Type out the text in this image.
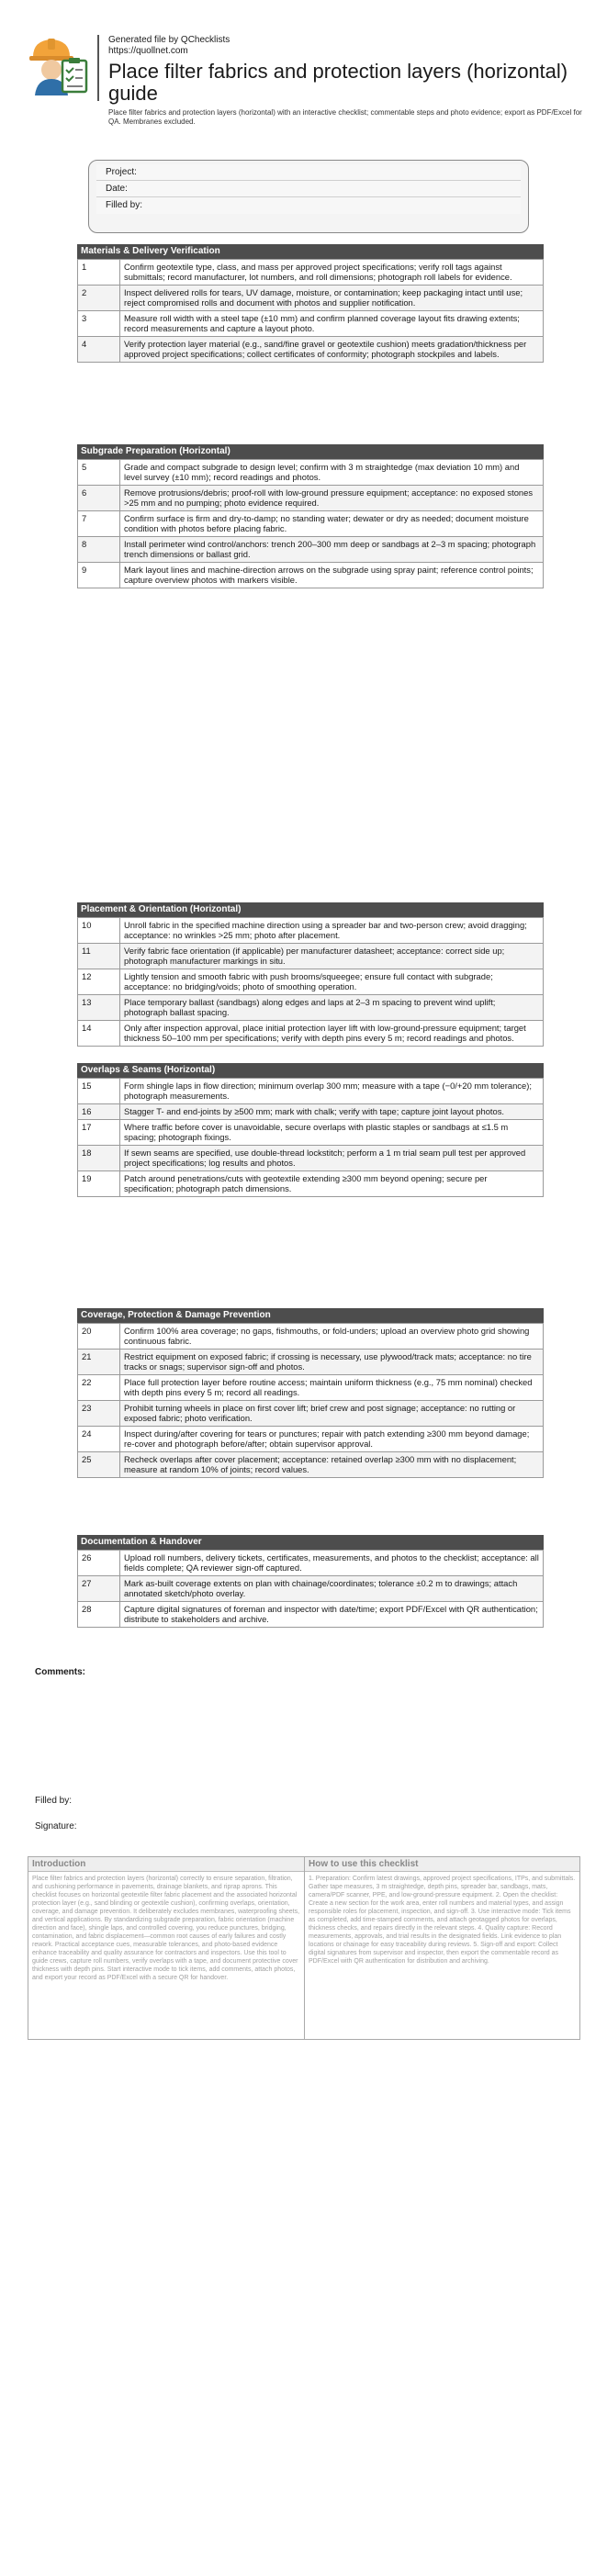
Generated file by QChecklists
https://quollnet.com
Place filter fabrics and protection layers (horizontal) guide
Place filter fabrics and protection layers (horizontal) with an interactive checklist; commentable steps and photo evidence; export as PDF/Excel for QA. Membranes excluded.
Project:
Date:
Filled by:
Materials & Delivery Verification
1	Confirm geotextile type, class, and mass per approved project specifications; verify roll tags against submittals; record manufacturer, lot numbers, and roll dimensions; photograph roll labels for evidence.
2	Inspect delivered rolls for tears, UV damage, moisture, or contamination; keep packaging intact until use; reject compromised rolls and document with photos and supplier notification.
3	Measure roll width with a steel tape (±10 mm) and confirm planned coverage layout fits drawing extents; record measurements and capture a layout photo.
4	Verify protection layer material (e.g., sand/fine gravel or geotextile cushion) meets gradation/thickness per approved project specifications; collect certificates of conformity; photograph stockpiles and labels.
Subgrade Preparation (Horizontal)
5	Grade and compact subgrade to design level; confirm with 3 m straightedge (max deviation 10 mm) and level survey (±10 mm); record readings and photos.
6	Remove protrusions/debris; proof-roll with low-ground pressure equipment; acceptance: no exposed stones >25 mm and no pumping; photo evidence required.
7	Confirm surface is firm and dry-to-damp; no standing water; dewater or dry as needed; document moisture condition with photos before placing fabric.
8	Install perimeter wind control/anchors: trench 200–300 mm deep or sandbags at 2–3 m spacing; photograph trench dimensions or ballast grid.
9	Mark layout lines and machine-direction arrows on the subgrade using spray paint; reference control points; capture overview photos with markers visible.
Placement & Orientation (Horizontal)
10	Unroll fabric in the specified machine direction using a spreader bar and two-person crew; avoid dragging; acceptance: no wrinkles >25 mm; photo after placement.
11	Verify fabric face orientation (if applicable) per manufacturer datasheet; acceptance: correct side up; photograph manufacturer markings in situ.
12	Lightly tension and smooth fabric with push brooms/squeegee; ensure full contact with subgrade; acceptance: no bridging/voids; photo of smoothing operation.
13	Place temporary ballast (sandbags) along edges and laps at 2–3 m spacing to prevent wind uplift; photograph ballast spacing.
14	Only after inspection approval, place initial protection layer lift with low-ground-pressure equipment; target thickness 50–100 mm per specifications; verify with depth pins every 5 m; record readings and photos.
Overlaps & Seams (Horizontal)
15	Form shingle laps in flow direction; minimum overlap 300 mm; measure with a tape (−0/+20 mm tolerance); photograph measurements.
16	Stagger T- and end-joints by ≥500 mm; mark with chalk; verify with tape; capture joint layout photos.
17	Where traffic before cover is unavoidable, secure overlaps with plastic staples or sandbags at ≤1.5 m spacing; photograph fixings.
18	If sewn seams are specified, use double-thread lockstitch; perform a 1 m trial seam pull test per approved project specifications; log results and photos.
19	Patch around penetrations/cuts with geotextile extending ≥300 mm beyond opening; secure per specification; photograph patch dimensions.
Coverage, Protection & Damage Prevention
20	Confirm 100% area coverage; no gaps, fishmouths, or fold-unders; upload an overview photo grid showing continuous fabric.
21	Restrict equipment on exposed fabric; if crossing is necessary, use plywood/track mats; acceptance: no tire tracks or snags; supervisor sign-off and photos.
22	Place full protection layer before routine access; maintain uniform thickness (e.g., 75 mm nominal) checked with depth pins every 5 m; record all readings.
23	Prohibit turning wheels in place on first cover lift; brief crew and post signage; acceptance: no rutting or exposed fabric; photo verification.
24	Inspect during/after covering for tears or punctures; repair with patch extending ≥300 mm beyond damage; re-cover and photograph before/after; obtain supervisor approval.
25	Recheck overlaps after cover placement; acceptance: retained overlap ≥300 mm with no displacement; measure at random 10% of joints; record values.
Documentation & Handover
26	Upload roll numbers, delivery tickets, certificates, measurements, and photos to the checklist; acceptance: all fields complete; QA reviewer sign-off captured.
27	Mark as-built coverage extents on plan with chainage/coordinates; tolerance ±0.2 m to drawings; attach annotated sketch/photo overlay.
28	Capture digital signatures of foreman and inspector with date/time; export PDF/Excel with QR authentication; distribute to stakeholders and archive.
Comments:
Filled by:
Signature:
Introduction
Place filter fabrics and protection layers (horizontal) correctly to ensure separation, filtration, and cushioning performance in pavements, drainage blankets, and riprap aprons. This checklist focuses on horizontal geotextile filter fabric placement and the associated horizontal protection layer (e.g., sand blinding or geotextile cushion), confirming overlaps, orientation, coverage, and damage prevention. It deliberately excludes membranes, waterproofing sheets, and vertical applications. By standardizing subgrade preparation, fabric orientation (machine direction and face), shingle laps, and controlled covering, you reduce punctures, bridging, contamination, and fabric displacement—common root causes of early failures and costly rework. Practical acceptance cues, measurable tolerances, and photo-based evidence enhance traceability and quality assurance for contractors and inspectors. Use this tool to guide crews, capture roll numbers, verify overlaps with a tape, and document protective cover thickness with depth pins. Start interactive mode to tick items, add comments, attach photos, and export your record as PDF/Excel with a secure QR for handover.
How to use this checklist
1. Preparation: Confirm latest drawings, approved project specifications, ITPs, and submittals. Gather tape measures, 3 m straightedge, depth pins, spreader bar, sandbags, mats, camera/PDF scanner, PPE, and low-ground-pressure equipment. 2. Open the checklist: Create a new section for the work area, enter roll numbers and material types, and assign responsible roles for placement, inspection, and sign-off. 3. Use interactive mode: Tick items as completed, add time-stamped comments, and attach geotagged photos for overlaps, thickness checks, and repairs directly in the relevant steps. 4. Quality capture: Record measurements, approvals, and trial results in the designated fields. Link evidence to plan locations or chainage for easy traceability during reviews. 5. Sign-off and export: Collect digital signatures from supervisor and inspector, then export the commentable record as PDF/Excel with QR authentication for distribution and archiving.
